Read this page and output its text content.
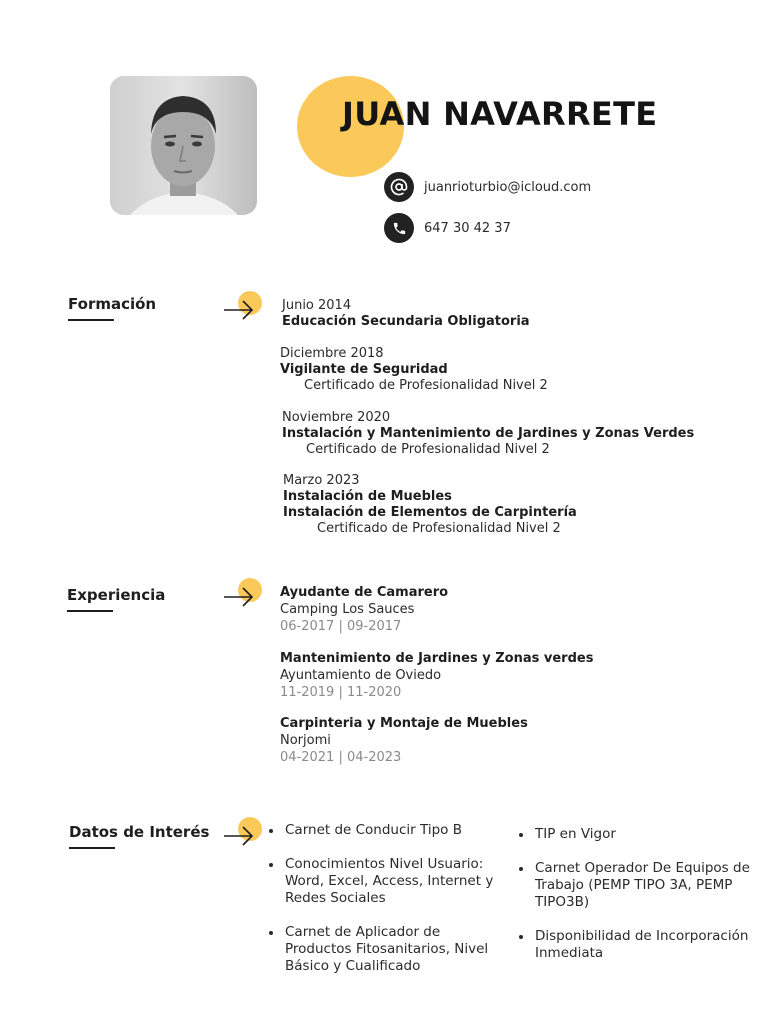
JUAN NAVARRETE
juanrioturbio@icloud.com
647 30 42 37
Formación	Junio 2014
Educación Secundaria Obligatoria
Diciembre 2018
Vigilante de Seguridad
Certificado de Profesionalidad Nivel 2
Noviembre 2020
Instalación y Mantenimiento de Jardines y Zonas Verdes
Certificado de Profesionalidad Nivel 2
Marzo 2023
Instalación de Muebles
Instalación de Elementos de Carpintería
Certificado de Profesionalidad Nivel 2
Experiencia	Ayudante de Camarero
Camping Los Sauces
06-2017 | 09-2017
Mantenimiento de Jardines y Zonas verdes
Ayuntamiento de Oviedo
11-2019 | 11-2020
Carpinteria y Montaje de Muebles
Norjomi
04-2021 | 04-2023
Datos de Interés	Carnet de Conducir Tipo B
Conocimientos Nivel Usuario: Word, Excel, Access, Internet y Redes Sociales
Carnet de Aplicador de Productos Fitosanitarios, Nivel Básico y Cualificado
TIP en Vigor
Carnet Operador De Equipos de Trabajo (PEMP TIPO 3A, PEMP TIPO3B)
Disponibilidad de Incorporación Inmediata
